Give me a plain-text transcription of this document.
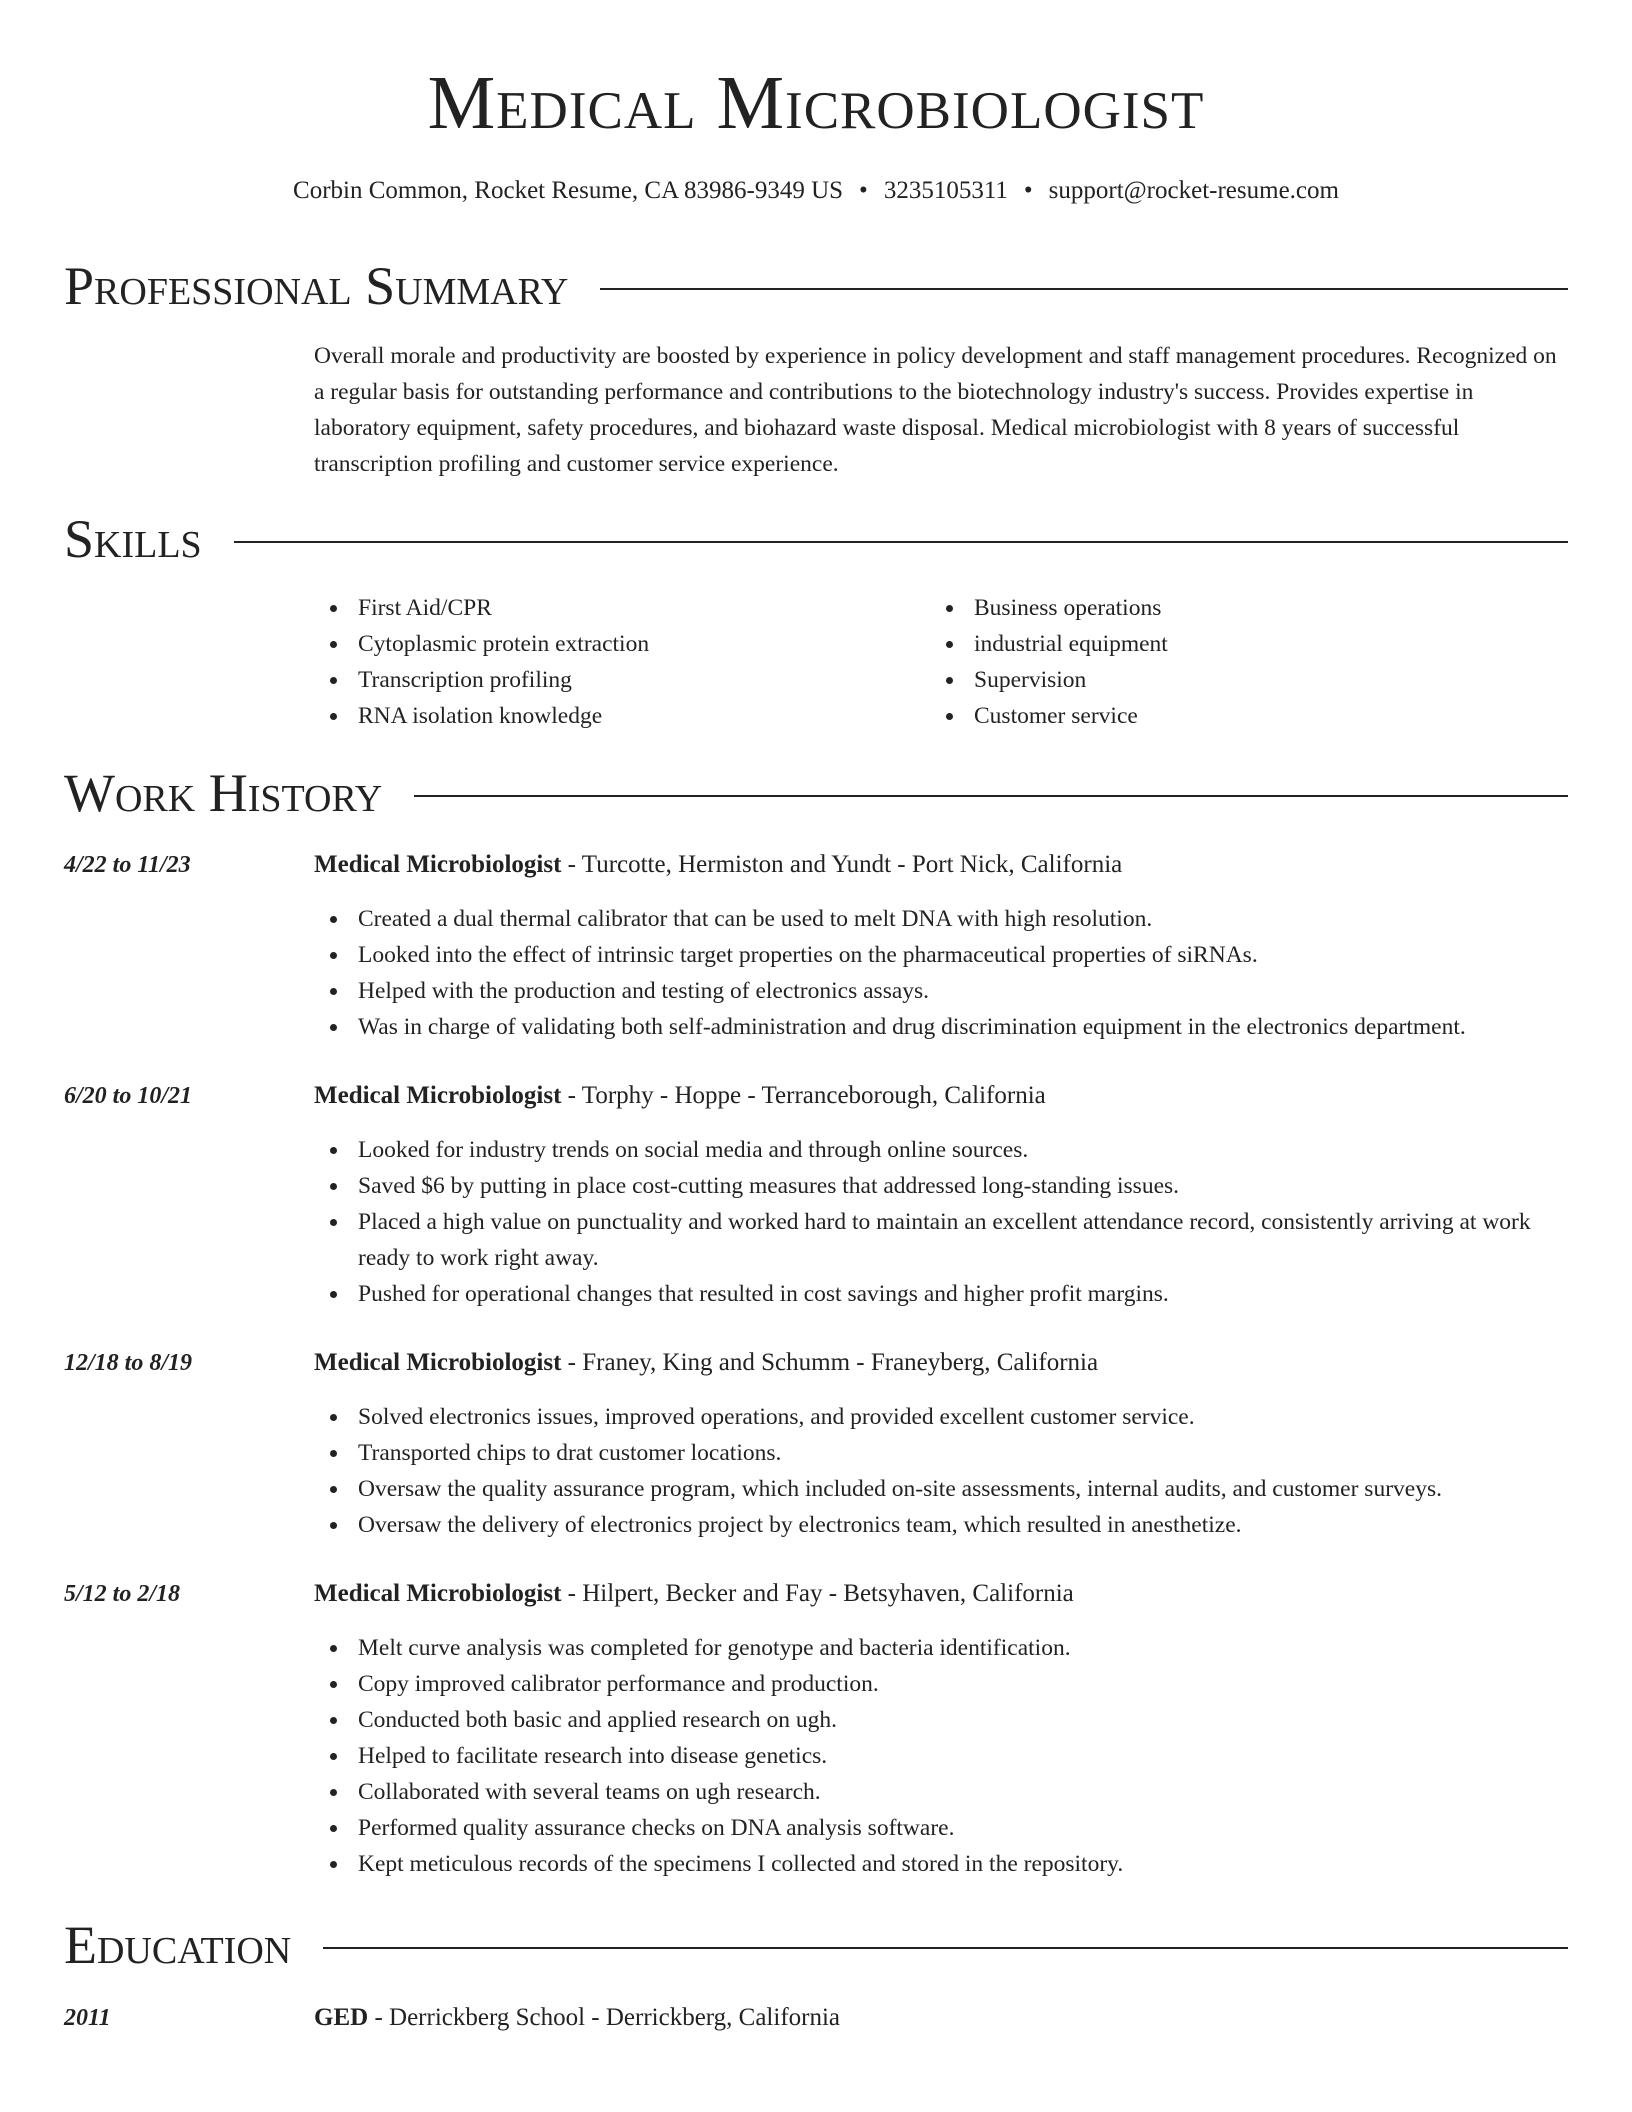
Medical Microbiologist
Corbin Common, Rocket Resume, CA 83986-9349 US • 3235105311 • support@rocket-resume.com
Professional Summary

Overall morale and productivity are boosted by experience in policy development and staff management procedures. Recognized on a regular basis for outstanding performance and contributions to the biotechnology industry's success. Provides expertise in laboratory equipment, safety procedures, and biohazard waste disposal. Medical microbiologist with 8 years of successful transcription profiling and customer service experience.

Skills
First Aid/CPR
Cytoplasmic protein extraction
Transcription profiling
RNA isolation knowledge
Business operations
industrial equipment
Supervision
Customer service
Work History
4/22 to 11/23	Medical Microbiologist - Turcotte, Hermiston and Yundt - Port Nick, California
Created a dual thermal calibrator that can be used to melt DNA with high resolution.
Looked into the effect of intrinsic target properties on the pharmaceutical properties of siRNAs.
Helped with the production and testing of electronics assays.
Was in charge of validating both self-administration and drug discrimination equipment in the electronics department.
6/20 to 10/21	Medical Microbiologist - Torphy - Hoppe - Terranceborough, California
Looked for industry trends on social media and through online sources.
Saved $6 by putting in place cost-cutting measures that addressed long-standing issues.
Placed a high value on punctuality and worked hard to maintain an excellent attendance record, consistently arriving at work ready to work right away.
Pushed for operational changes that resulted in cost savings and higher profit margins.
12/18 to 8/19	Medical Microbiologist - Franey, King and Schumm - Franeyberg, California
Solved electronics issues, improved operations, and provided excellent customer service.
Transported chips to drat customer locations.
Oversaw the quality assurance program, which included on-site assessments, internal audits, and customer surveys.
Oversaw the delivery of electronics project by electronics team, which resulted in anesthetize.
5/12 to 2/18	Medical Microbiologist - Hilpert, Becker and Fay - Betsyhaven, California
Melt curve analysis was completed for genotype and bacteria identification.
Copy improved calibrator performance and production.
Conducted both basic and applied research on ugh.
Helped to facilitate research into disease genetics.
Collaborated with several teams on ugh research.
Performed quality assurance checks on DNA analysis software.
Kept meticulous records of the specimens I collected and stored in the repository.
Education
2011	GED - Derrickberg School - Derrickberg, California
